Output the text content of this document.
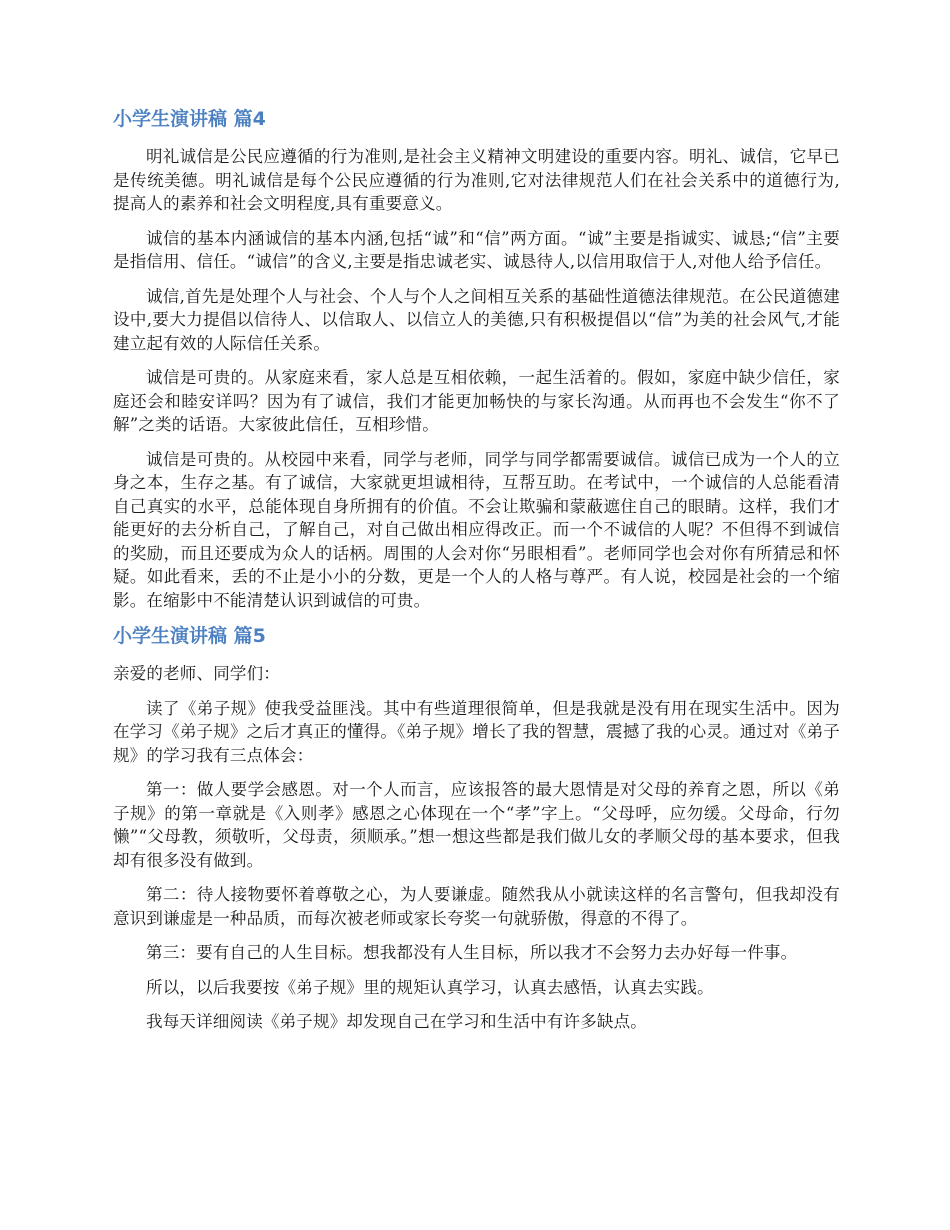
小学生演讲稿 篇4

明礼诚信是公民应遵循的行为准则,是社会主义精神文明建设的重要内容。明礼、诚信，它早已是传统美德。明礼诚信是每个公民应遵循的行为准则,它对法律规范人们在社会关系中的道德行为,提高人的素养和社会文明程度,具有重要意义。

诚信的基本内涵诚信的基本内涵,包括“诚”和“信”两方面。“诚”主要是指诚实、诚恳;“信”主要是指信用、信任。“诚信”的含义,主要是指忠诚老实、诚恳待人,以信用取信于人,对他人给予信任。

诚信,首先是处理个人与社会、个人与个人之间相互关系的基础性道德法律规范。在公民道德建设中,要大力提倡以信待人、以信取人、以信立人的美德,只有积极提倡以“信”为美的社会风气,才能建立起有效的人际信任关系。

诚信是可贵的。从家庭来看，家人总是互相依赖，一起生活着的。假如，家庭中缺少信任，家庭还会和睦安详吗？因为有了诚信，我们才能更加畅快的与家长沟通。从而再也不会发生“你不了解”之类的话语。大家彼此信任，互相珍惜。

诚信是可贵的。从校园中来看，同学与老师，同学与同学都需要诚信。诚信已成为一个人的立身之本，生存之基。有了诚信，大家就更坦诚相待，互帮互助。在考试中，一个诚信的人总能看清自己真实的水平，总能体现自身所拥有的价值。不会让欺骗和蒙蔽遮住自己的眼睛。这样，我们才能更好的去分析自己，了解自己，对自己做出相应得改正。而一个不诚信的人呢？不但得不到诚信的奖励，而且还要成为众人的话柄。周围的人会对你“另眼相看”。老师同学也会对你有所猜忌和怀疑。如此看来，丢的不止是小小的分数，更是一个人的人格与尊严。有人说，校园是社会的一个缩影。在缩影中不能清楚认识到诚信的可贵。

小学生演讲稿 篇5

亲爱的老师、同学们：

读了《弟子规》使我受益匪浅。其中有些道理很简单，但是我就是没有用在现实生活中。因为在学习《弟子规》之后才真正的懂得。《弟子规》增长了我的智慧，震撼了我的心灵。通过对《弟子规》的学习我有三点体会：

第一：做人要学会感恩。对一个人而言，应该报答的最大恩情是对父母的养育之恩，所以《弟子规》的第一章就是《入则孝》感恩之心体现在一个“孝”字上。“父母呼，应勿缓。父母命，行勿懒”“父母教，须敬听，父母责，须顺承。”想一想这些都是我们做儿女的孝顺父母的基本要求，但我却有很多没有做到。

第二：待人接物要怀着尊敬之心，为人要谦虚。随然我从小就读这样的名言警句，但我却没有意识到谦虚是一种品质，而每次被老师或家长夸奖一句就骄傲，得意的不得了。

第三：要有自己的人生目标。想我都没有人生目标，所以我才不会努力去办好每一件事。

所以，以后我要按《弟子规》里的规矩认真学习，认真去感悟，认真去实践。

我每天详细阅读《弟子规》却发现自己在学习和生活中有许多缺点。
